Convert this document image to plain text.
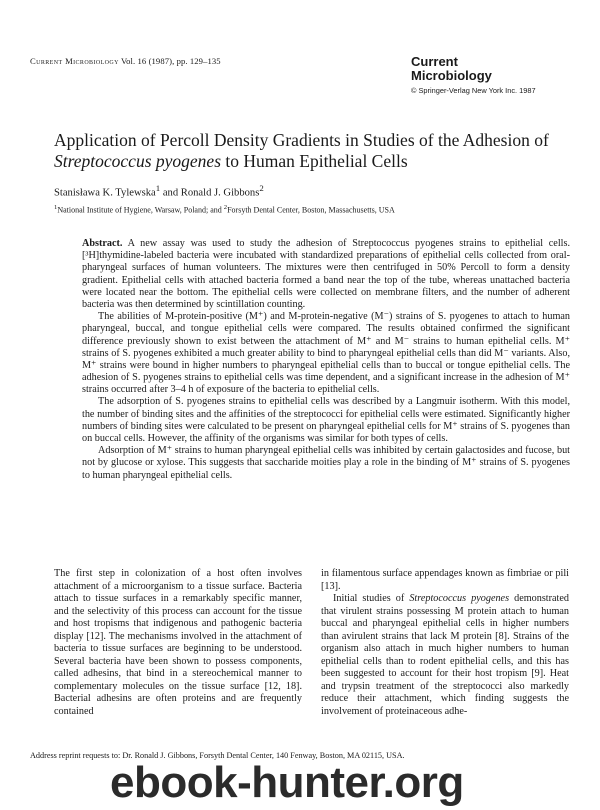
Current Microbiology Vol. 16 (1987), pp. 129–135	Current
Microbiology
© Springer-Verlag New York Inc. 1987
Application of Percoll Density Gradients in Studies of the Adhesion of Streptococcus pyogenes to Human Epithelial Cells
Stanisława K. Tylewska$^1$ and Ronald J. Gibbons$^2$
$^1$National Institute of Hygiene, Warsaw, Poland; and $^2$Forsyth Dental Center, Boston, Massachusetts, USA

Abstract. A new assay was used to study the adhesion of Streptococcus pyogenes strains to epithelial cells. [³H]thymidine-labeled bacteria were incubated with standardized preparations of epithelial cells collected from oral-pharyngeal surfaces of human volunteers. The mixtures were then centrifuged in 50% Percoll to form a density gradient. Epithelial cells with attached bacteria formed a band near the top of the tube, whereas unattached bacteria were located near the bottom. The epithelial cells were collected on membrane filters, and the number of adherent bacteria was then determined by scintillation counting.

The abilities of M-protein-positive (M⁺) and M-protein-negative (M⁻) strains of S. pyogenes to attach to human pharyngeal, buccal, and tongue epithelial cells were compared. The results obtained confirmed the significant difference previously shown to exist between the attachment of M⁺ and M⁻ strains to human epithelial cells. M⁺ strains of S. pyogenes exhibited a much greater ability to bind to pharyngeal epithelial cells than did M⁻ variants. Also, M⁺ strains were bound in higher numbers to pharyngeal epithelial cells than to buccal or tongue epithelial cells. The adhesion of S. pyogenes strains to epithelial cells was time dependent, and a significant increase in the adhesion of M⁺ strains occurred after 3–4 h of exposure of the bacteria to epithelial cells.

The adsorption of S. pyogenes strains to epithelial cells was described by a Langmuir isotherm. With this model, the number of binding sites and the affinities of the streptococci for epithelial cells were estimated. Significantly higher numbers of binding sites were calculated to be present on pharyngeal epithelial cells for M⁺ strains of S. pyogenes than on buccal cells. However, the affinity of the organisms was similar for both types of cells.

Adsorption of M⁺ strains to human pharyngeal epithelial cells was inhibited by certain galactosides and fucose, but not by glucose or xylose. This suggests that saccharide moities play a role in the binding of M⁺ strains of S. pyogenes to human pharyngeal epithelial cells.

The first step in colonization of a host often involves attachment of a microorganism to a tissue surface. Bacteria attach to tissue surfaces in a remarkably specific manner, and the selectivity of this process can account for the tissue and host tropisms that indigenous and pathogenic bacteria display [12]. The mechanisms involved in the attachment of bacteria to tissue surfaces are beginning to be understood. Several bacteria have been shown to possess components, called adhesins, that bind in a stereochemical manner to complementary molecules on the tissue surface [12, 18]. Bacterial adhesins are often proteins and are frequently contained

in filamentous surface appendages known as fimbriae or pili [13].

Initial studies of Streptococcus pyogenes demonstrated that virulent strains possessing M protein attach to human buccal and pharyngeal epithelial cells in higher numbers than avirulent strains that lack M protein [8]. Strains of the organism also attach in much higher numbers to human epithelial cells than to rodent epithelial cells, and this has been suggested to account for their host tropism [9]. Heat and trypsin treatment of the streptococci also markedly reduce their attachment, which finding suggests the involvement of proteinaceous adhe-

Address reprint requests to: Dr. Ronald J. Gibbons, Forsyth Dental Center, 140 Fenway, Boston, MA 02115, USA.
ebook-hunter.org
